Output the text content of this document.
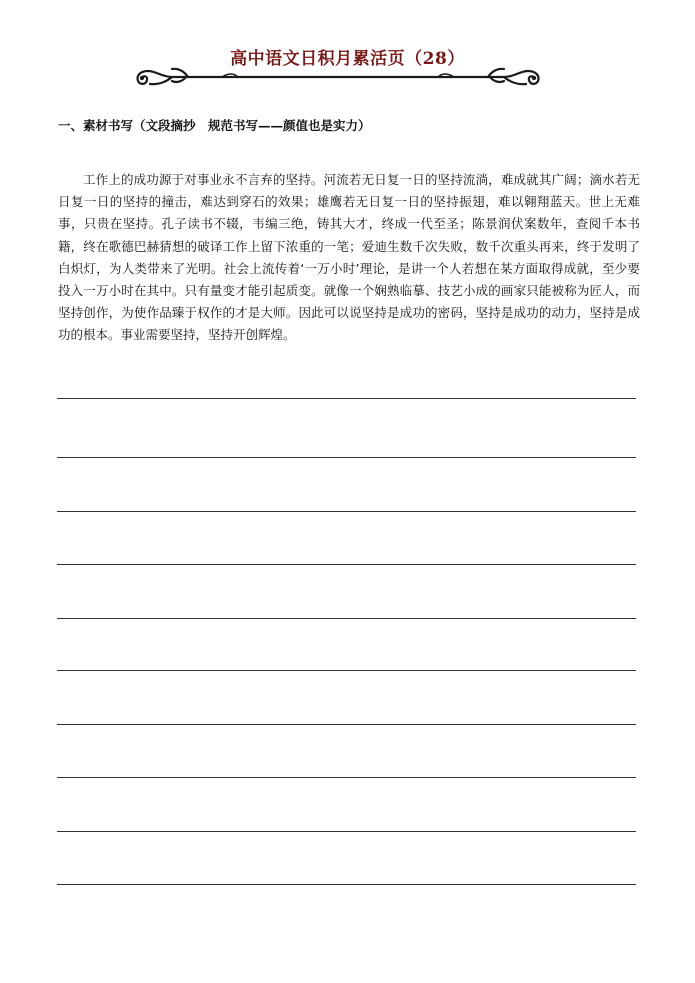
高中语文日积月累活页（28）
一、素材书写（文段摘抄　规范书写——颜值也是实力）

工作上的成功源于对事业永不言弃的坚持。河流若无日复一日的坚持流淌，难成就其广阔；滴水若无日复一日的坚持的撞击，难达到穿石的效果；雄鹰若无日复一日的坚持振翅，难以翱翔蓝天。世上无难事，只贵在坚持。孔子读书不辍，韦编三绝，铸其大才，终成一代至圣；陈景润伏案数年，查阅千本书籍，终在歌德巴赫猜想的破译工作上留下浓重的一笔；爱迪生数千次失败，数千次重头再来，终于发明了白炽灯，为人类带来了光明。社会上流传着‘一万小时’理论，是讲一个人若想在某方面取得成就，至少要投入一万小时在其中。只有量变才能引起质变。就像一个娴熟临摹、技艺小成的画家只能被称为匠人，而坚持创作，为使作品臻于权作的才是大师。因此可以说坚持是成功的密码，坚持是成功的动力，坚持是成功的根本。事业需要坚持，坚持开创辉煌。
